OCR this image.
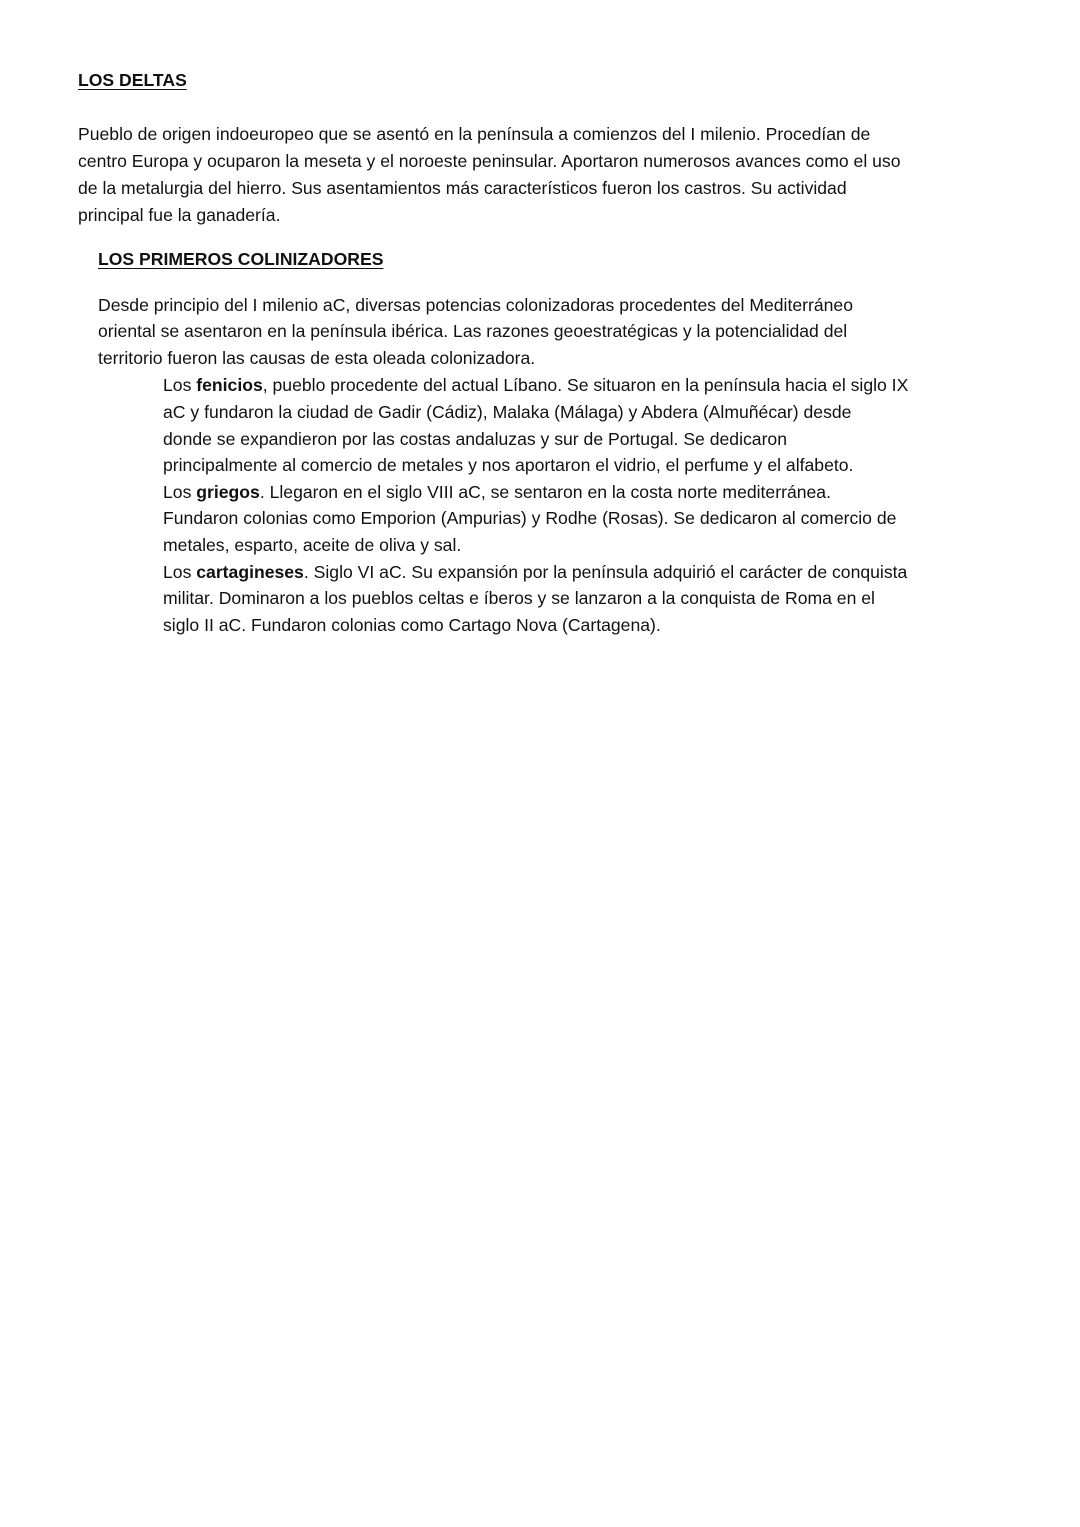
LOS DELTAS
Pueblo de origen indoeuropeo que se asentó en la península a comienzos del I milenio. Procedían de
centro Europa y ocuparon la meseta y el noroeste peninsular. Aportaron numerosos avances como el uso
de la metalurgia del hierro. Sus asentamientos más característicos fueron los castros. Su actividad
principal fue la ganadería.
LOS PRIMEROS COLINIZADORES
Desde principio del I milenio aC, diversas potencias colonizadoras procedentes del Mediterráneo
oriental se asentaron en la península ibérica. Las razones geoestratégicas y la potencialidad del
territorio fueron las causas de esta oleada colonizadora.
Los fenicios, pueblo procedente del actual Líbano. Se situaron en la península hacia el siglo IX
aC y fundaron la ciudad de Gadir (Cádiz), Malaka (Málaga) y Abdera (Almuñécar) desde
donde se expandieron por las costas andaluzas y sur de Portugal. Se dedicaron
principalmente al comercio de metales y nos aportaron el vidrio, el perfume y el alfabeto.
Los griegos. Llegaron en el siglo VIII aC, se sentaron en la costa norte mediterránea.
Fundaron colonias como Emporion (Ampurias) y Rodhe (Rosas). Se dedicaron al comercio de
metales, esparto, aceite de oliva y sal.
Los cartagineses. Siglo VI aC. Su expansión por la península adquirió el carácter de conquista
militar. Dominaron a los pueblos celtas e íberos y se lanzaron a la conquista de Roma en el
siglo II aC. Fundaron colonias como Cartago Nova (Cartagena).
